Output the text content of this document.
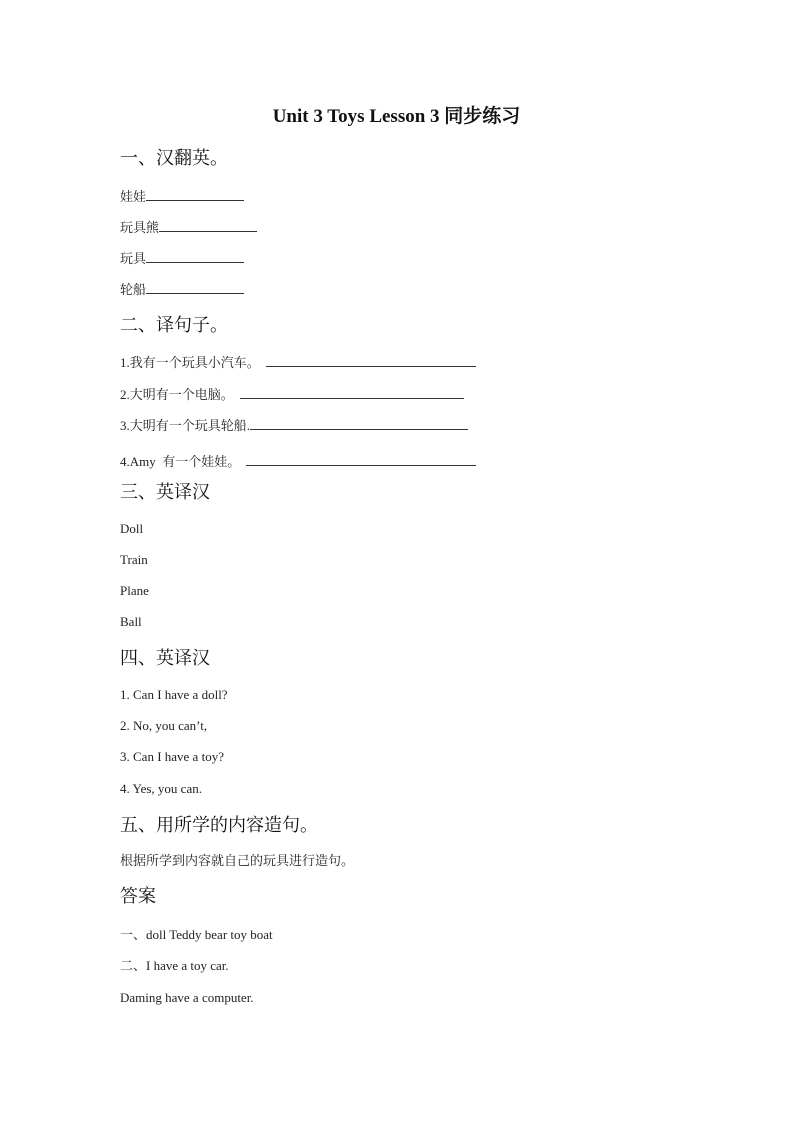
Unit 3 Toys Lesson 3 同步练习
一、汉翻英。
娃娃
玩具熊
玩具
轮船
二、译句子。
1.我有一个玩具小汽车。
2.大明有一个电脑。
3.大明有一个玩具轮船.
4.Amy  有一个娃娃。
三、英译汉
Doll
Train
Plane
Ball
四、英译汉
1. Can I have a doll?
2. No, you can’t,
3. Can I have a toy?
4. Yes, you can.
五、用所学的内容造句。
根据所学到内容就自己的玩具进行造句。
答案
一、doll Teddy bear toy boat
二、I have a toy car.
Daming have a computer.
